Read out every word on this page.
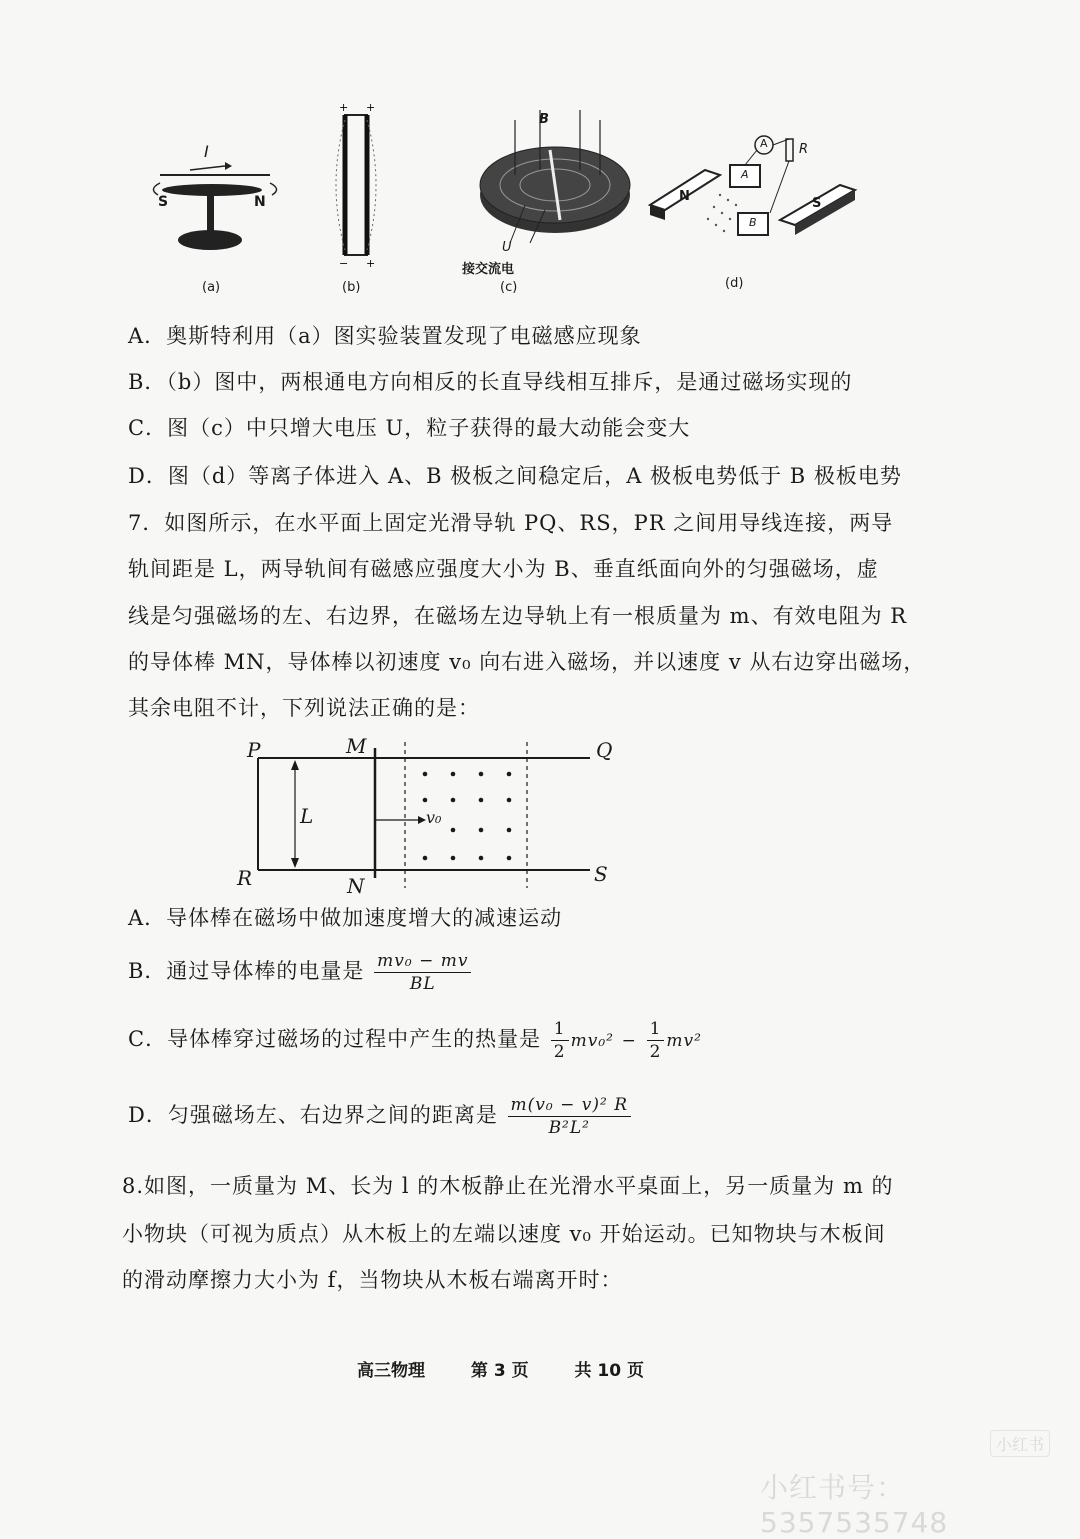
+ +
− +
I
S	N
B
U
接交流电
N	S
R
A
A
B
(a)	(b)	(c)	(d)
A．奥斯特利用（a）图实验装置发现了电磁感应现象
B．（b）图中，两根通电方向相反的长直导线相互排斥，是通过磁场实现的
C．图（c）中只增大电压 U，粒子获得的最大动能会变大
D．图（d）等离子体进入 A、B 极板之间稳定后，A 极板电势低于 B 极板电势
7．如图所示，在水平面上固定光滑导轨 PQ、RS，PR 之间用导线连接，两导
轨间距是 L，两导轨间有磁感应强度大小为 B、垂直纸面向外的匀强磁场，虚
线是匀强磁场的左、右边界，在磁场左边导轨上有一根质量为 m、有效电阻为 R
的导体棒 MN，导体棒以初速度 v₀ 向右进入磁场，并以速度 v 从右边穿出磁场，
其余电阻不计，下列说法正确的是：
P	M	Q
R	N	S
L	v₀
A．导体棒在磁场中做加速度增大的减速运动
B．通过导体棒的电量是 $\frac{\text{mv₀ − mv}}{BL}$
C．导体棒穿过磁场的过程中产生的热量是 $\frac{1}{2} mv_0^2 - \frac{1}{2} mv^2$
D．匀强磁场左、右边界之间的距离是 $\frac{\text{m(v₀ − v)² R}}{\text{B²L²}}$
8.如图，一质量为 M、长为 l 的木板静止在光滑水平桌面上，另一质量为 m 的
小物块（可视为质点）从木板上的左端以速度 v₀ 开始运动。已知物块与木板间
的滑动摩擦力大小为 f，当物块从木板右端离开时：
高三物理	第 3 页	共 10 页
小红书
小红书号：5357535748
